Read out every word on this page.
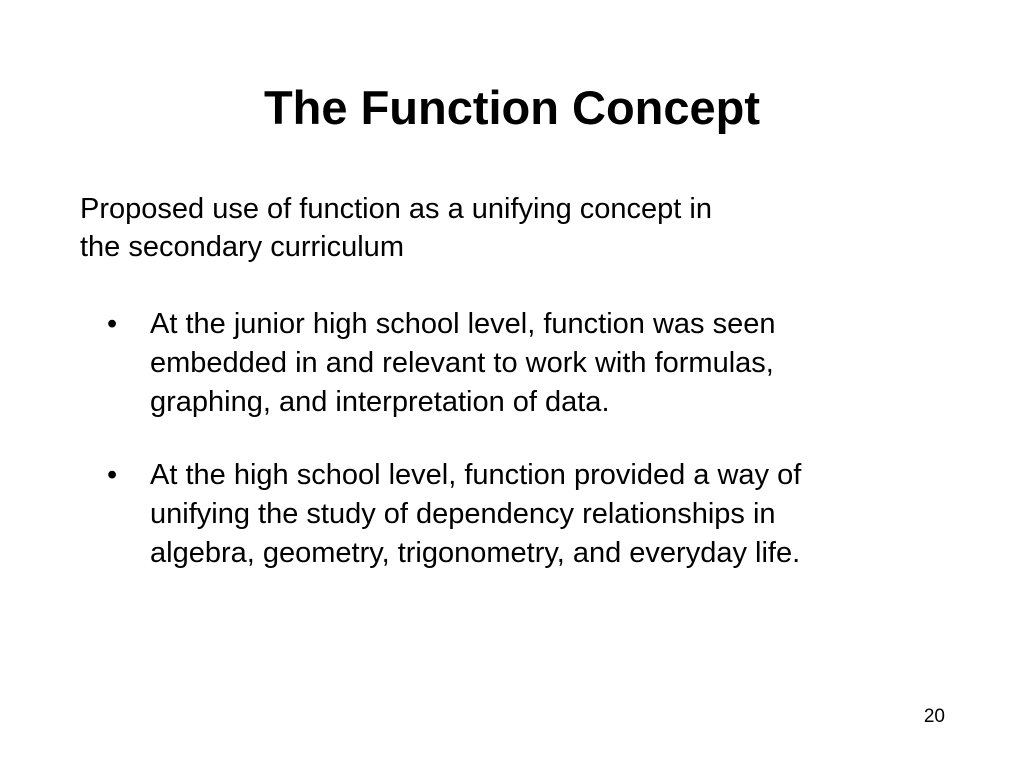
The Function Concept

Proposed use of function as a unifying concept in
the secondary curriculum

•	At the junior high school level, function was seen
embedded in and relevant to work with formulas,
graphing, and interpretation of data.
•	At the high school level, function provided a way of
unifying the study of dependency relationships in
algebra, geometry, trigonometry, and everyday life.
20
